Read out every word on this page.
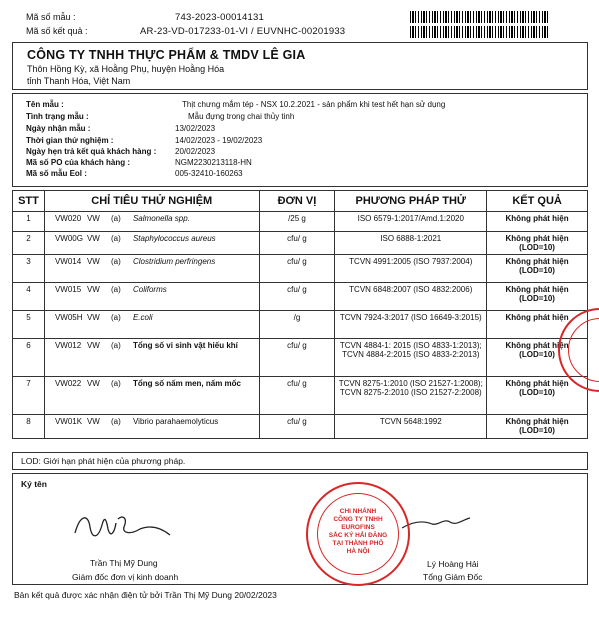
Mã số mẫu :	743-2023-00014131
Mã số kết quả :	AR-23-VD-017233-01-VI / EUVNHC-00201933
CÔNG TY TNHH THỰC PHẨM & TMDV LÊ GIA
Thôn Hồng Kỳ, xã Hoằng Phụ, huyện Hoằng Hóa
tỉnh Thanh Hóa, Việt Nam
Tên mẫu :	Thịt chưng mắm tép - NSX 10.2.2021 - sản phẩm khi test hết hạn sử dụng
Tình trạng mẫu :	Mẫu đựng trong chai thủy tinh
Ngày nhận mẫu :	13/02/2023
Thời gian thử nghiệm :	14/02/2023 - 19/02/2023
Ngày hẹn trả kết quả khách hàng : 20/02/2023
Mã số PO của khách hàng :	NGM2230213118-HN
Mã số mẫu Eol :	005-32410-160263
STT	CHỈ TIÊU THỬ NGHIỆM	ĐƠN VỊ	PHƯƠNG PHÁP THỬ	KẾT QUẢ
1	VW020 VW (a) Salmonella spp.	/25 g	ISO 6579-1:2017/Amd.1:2020	Không phát hiện

2	VW00G VW (a) Staphylococcus aureus	cfu/ g	ISO 6888-1:2021	Không phát hiện
(LOD=10)

3	VW014 VW (a) Clostridium perfringens	cfu/ g	TCVN 4991:2005 (ISO 7937:2004)	Không phát hiện
(LOD=10)

4	VW015 VW (a) Coliforms	cfu/ g	TCVN 6848:2007 (ISO 4832:2006)	Không phát hiện
(LOD=10)

5	VW05H VW (a) E.coli	/g	TCVN 7924-3:2017 (ISO 16649-3:2015)	Không phát hiện

6	VW012 VW (a) Tổng số vi sinh vật hiếu khí	cfu/ g	TCVN 4884-1: 2015 (ISO 4833-1:2013); TCVN 4884-2:2015 (ISO 4833-2:2013)	Không phát hiện
(LOD=10)

7	VW022 VW (a) Tổng số nấm men, nấm mốc	cfu/ g	TCVN 8275-1:2010 (ISO 21527-1:2008); TCVN 8275-2:2010 (ISO 21527-2:2008)	Không phát hiện
(LOD=10)

8	VW01K VW (a) Vibrio parahaemolyticus	cfu/ g	TCVN 5648:1992	Không phát hiện
(LOD=10)
LOD: Giới hạn phát hiện của phương pháp.
Ký tên
Trần Thị Mỹ Dung
Giám đốc đơn vị kinh doanh
Lý Hoàng Hải
Tổng Giám Đốc
CHI NHÁNH
CÔNG TY TNHH
EUROFINS
SẮC KÝ HẢI ĐĂNG
TẠI THÀNH PHỐ
HÀ NỘI
Bản kết quả được xác nhận điện tử bởi Trần Thị Mỹ Dung 20/02/2023
